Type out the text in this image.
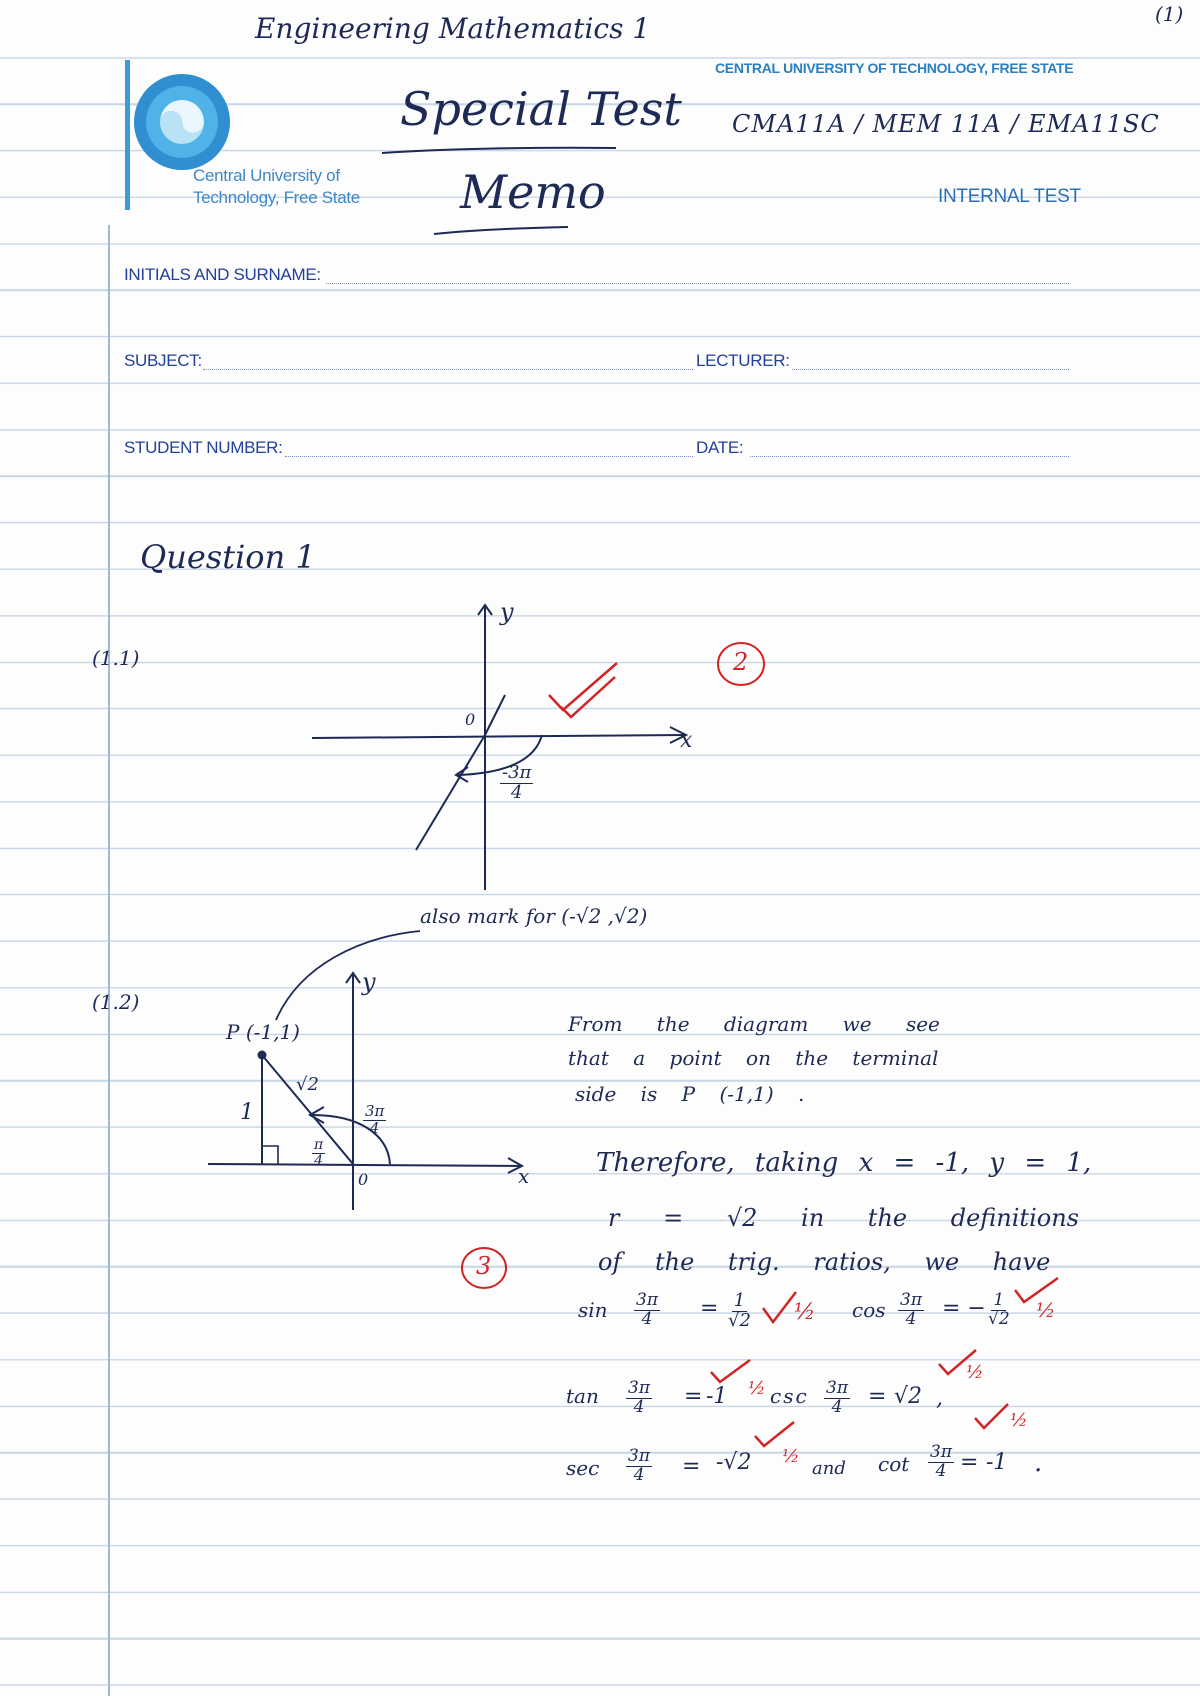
Engineering Mathematics 1	(1)
Central University of
Technology, Free State
CENTRAL UNIVERSITY OF TECHNOLOGY, FREE STATE
CMA11A / MEM 11A / EMA11SC
INTERNAL TEST
Special Test
Memo
INITIALS AND SURNAME:
SUBJECT:	LECTURER:
STUDENT NUMBER:	DATE:
Question 1
(1.1)
y
x
0
$\frac{-3\pi}{4}$
2
also mark for (-√2 ,√2)
(1.2)
P (-1,1)
√2
1
$\frac{\pi}{4}$
$\frac{3\pi}{4}$
y
x
0
3
From the diagram we see
that a point on the terminal
side is P (-1,1) .
Therefore, taking x = -1, y = 1,
r = √2 in the definitions
of the trig. ratios, we have
$\sin \frac{3\pi}{4} = \frac{1}{√2}$ ½ $\cos \frac{3\pi}{4}$ = − $\frac{1}{√2}$ ½
$\tan \frac{3\pi}{4} = -1$ ½ $\csc \frac{3\pi}{4} = √2$ ,
½
$\sec \frac{3\pi}{4} = -√2$ ½
and $\cot \frac{3\pi}{4} = -1$ .
½
